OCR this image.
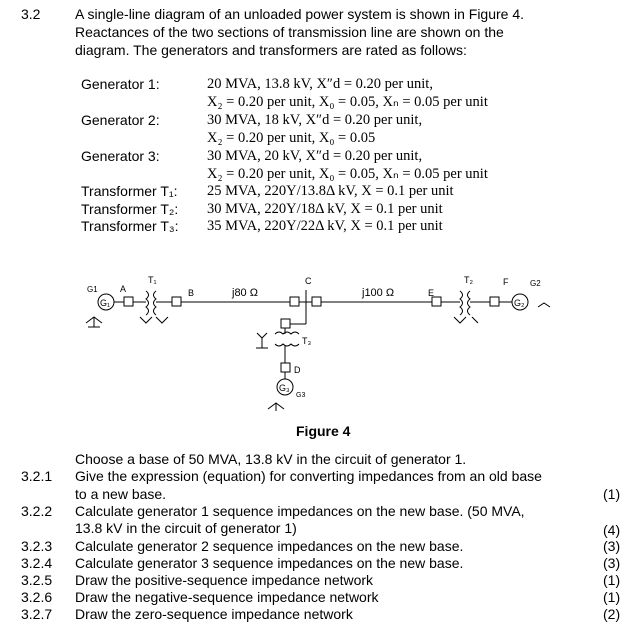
3.2 A single-line diagram of an unloaded power system is shown in Figure 4.
Reactances of the two sections of transmission line are shown on the
diagram. The generators and transformers are rated as follows:
Generator 1:	20 MVA, 13.8 kV, X″d = 0.20 per unit,
X₂ = 0.20 per unit, X₀ = 0.05, Xₙ = 0.05 per unit
Generator 2:	30 MVA, 18 kV, X″d = 0.20 per unit,
X₂ = 0.20 per unit, X₀ = 0.05
Generator 3:	30 MVA, 20 kV, X″d = 0.20 per unit,
X₂ = 0.20 per unit, X₀ = 0.05, Xₙ = 0.05 per unit
Transformer T₁: 25 MVA, 220Y/13.8Δ kV, X = 0.1 per unit
Transformer T₂: 30 MVA, 220Y/18Δ kV, X = 0.1 per unit
Transformer T₃: 35 MVA, 220Y/22Δ kV, X = 0.1 per unit
G1
G₁
A
T₁
B	j80 Ω
C
j100 Ω	E
T₂	F	G2
G₂
T₃
D
G₃
G3
Figure 4
Choose a base of 50 MVA, 13.8 kV in the circuit of generator 1.
3.2.1 Give the expression (equation) for converting impedances from an old base
to a new base.	(1)
3.2.2 Calculate generator 1 sequence impedances on the new base. (50 MVA,
13.8 kV in the circuit of generator 1)	(4)
3.2.3 Calculate generator 2 sequence impedances on the new base.	(3)
3.2.4 Calculate generator 3 sequence impedances on the new base.	(3)
3.2.5 Draw the positive-sequence impedance network	(1)
3.2.6 Draw the negative-sequence impedance network	(1)
3.2.7 Draw the zero-sequence impedance network	(2)
